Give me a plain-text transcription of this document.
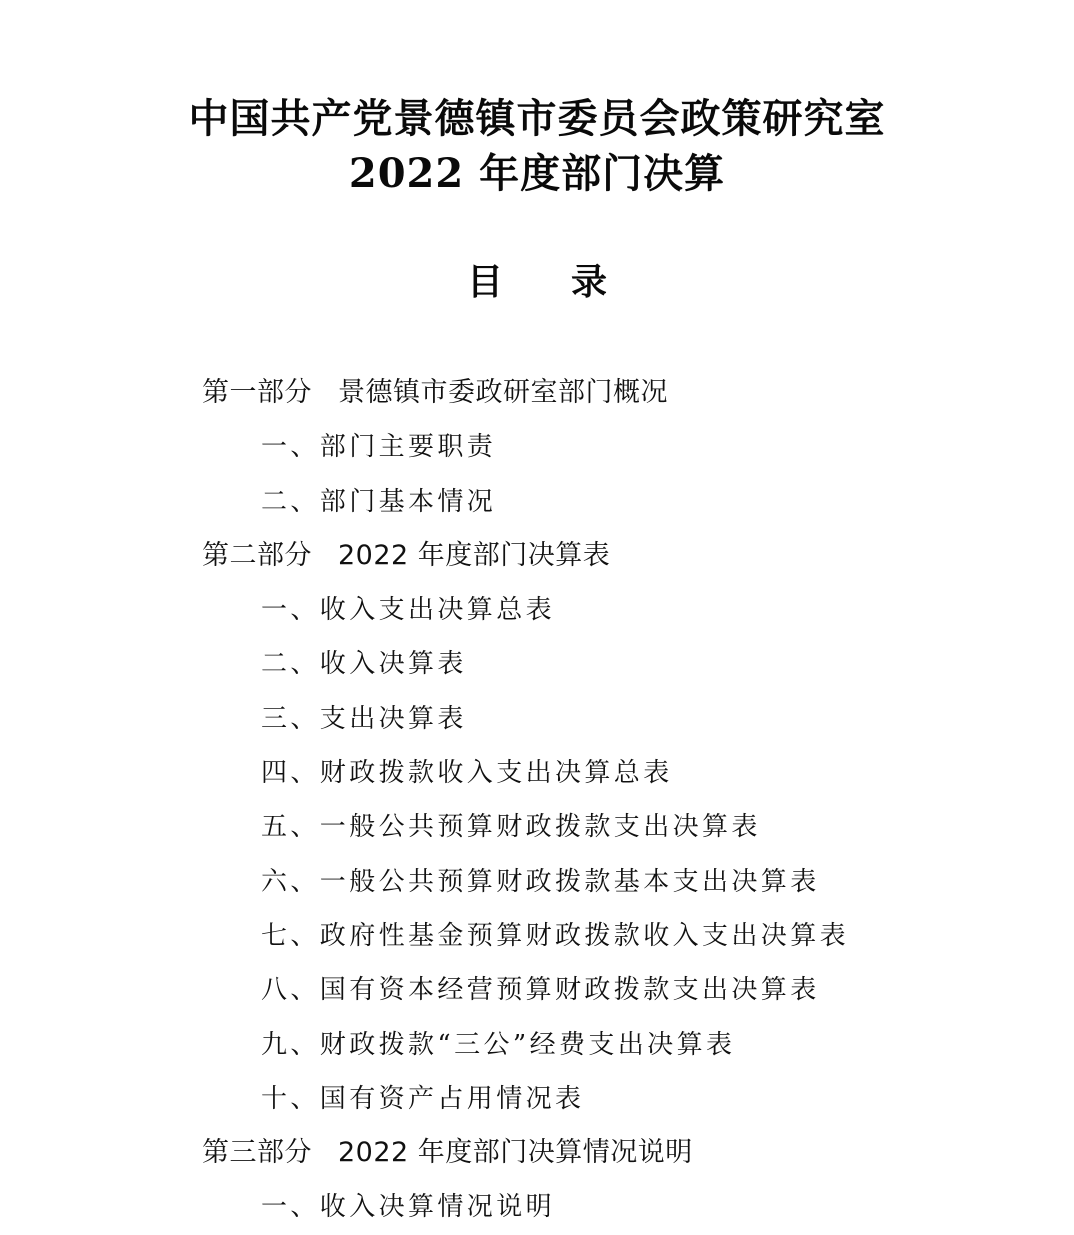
中国共产党景德镇市委员会政策研究室
2022 年度部门决算
目录
第一部分 景德镇市委政研室部门概况
一、部门主要职责
二、部门基本情况
第二部分 2022 年度部门决算表
一、收入支出决算总表
二、收入决算表
三、支出决算表
四、财政拨款收入支出决算总表
五、一般公共预算财政拨款支出决算表
六、一般公共预算财政拨款基本支出决算表
七、政府性基金预算财政拨款收入支出决算表
八、国有资本经营预算财政拨款支出决算表
九、财政拨款“三公”经费支出决算表
十、国有资产占用情况表
第三部分 2022 年度部门决算情况说明
一、收入决算情况说明
